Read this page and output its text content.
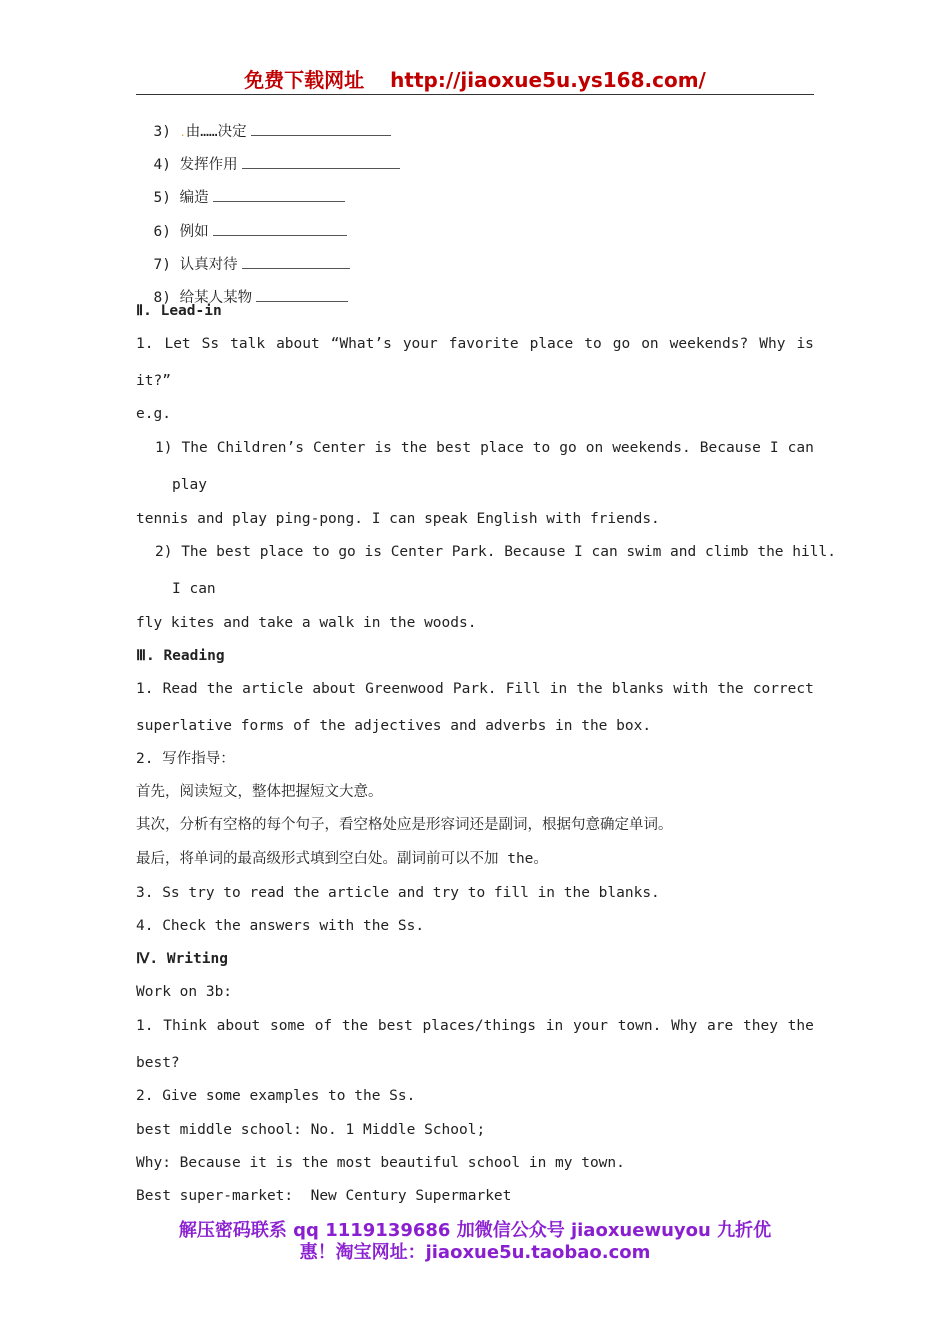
免费下载网址 http://jiaoxue5u.ys168.com/

3) .由……决定

4) 发挥作用

5) 编造

6) 例如

7) 认真对待

8) 给某人某物

Ⅱ. Lead-in
1. Let Ss talk about “What’s your favorite place to go on weekends? Why is
it?”
e.g.
1) The Children’s Center is the best place to go on weekends. Because I can
play
tennis and play ping-pong. I can speak English with friends.
2) The best place to go is Center Park. Because I can swim and climb the hill.
I can
fly kites and take a walk in the woods.
Ⅲ. Reading
1. Read the article about Greenwood Park. Fill in the blanks with the correct
superlative forms of the adjectives and adverbs in the box.
2. 写作指导：
首先，阅读短文，整体把握短文大意。
其次，分析有空格的每个句子，看空格处应是形容词还是副词，根据句意确定单词。
最后，将单词的最高级形式填到空白处。副词前可以不加 the。
3. Ss try to read the article and try to fill in the blanks.
4. Check the answers with the Ss.
Ⅳ. Writing
Work on 3b:
1. Think about some of the best places/things in your town. Why are they the
best?
2. Give some examples to the Ss.
best middle school: No. 1 Middle School;
Why: Because it is the most beautiful school in my town.
Best super-market:  New Century Supermarket
解压密码联系 qq 1119139686 加微信公众号 jiaoxuewuyou 九折优
惠！淘宝网址：jiaoxue5u.taobao.com
